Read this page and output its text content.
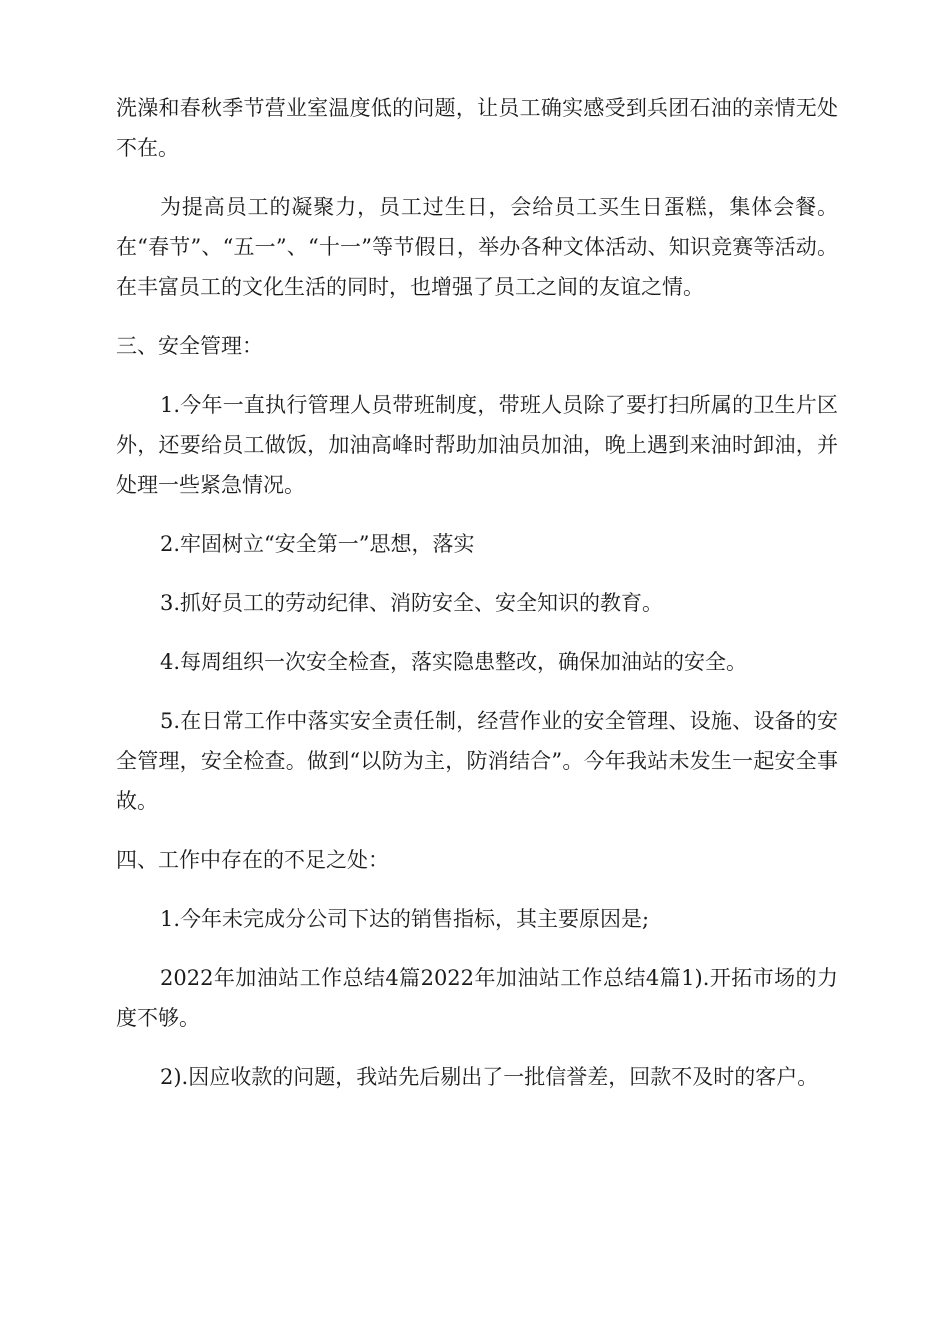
洗澡和春秋季节营业室温度低的问题，让员工确实感受到兵团石油的亲情无处不在。

为提高员工的凝聚力，员工过生日，会给员工买生日蛋糕，集体会餐。在“春节”、“五一”、“十一”等节假日，举办各种文体活动、知识竞赛等活动。在丰富员工的文化生活的同时，也增强了员工之间的友谊之情。

三、安全管理：

1.今年一直执行管理人员带班制度，带班人员除了要打扫所属的卫生片区外，还要给员工做饭，加油高峰时帮助加油员加油，晚上遇到来油时卸油，并处理一些紧急情况。

2.牢固树立“安全第一”思想，落实

3.抓好员工的劳动纪律、消防安全、安全知识的教育。

4.每周组织一次安全检查，落实隐患整改，确保加油站的安全。

5.在日常工作中落实安全责任制，经营作业的安全管理、设施、设备的安全管理，安全检查。做到“以防为主，防消结合”。今年我站未发生一起安全事故。

四、工作中存在的不足之处：

1.今年未完成分公司下达的销售指标，其主要原因是;

2022年加油站工作总结4篇2022年加油站工作总结4篇1).开拓市场的力度不够。

2).因应收款的问题，我站先后剔出了一批信誉差，回款不及时的客户。
